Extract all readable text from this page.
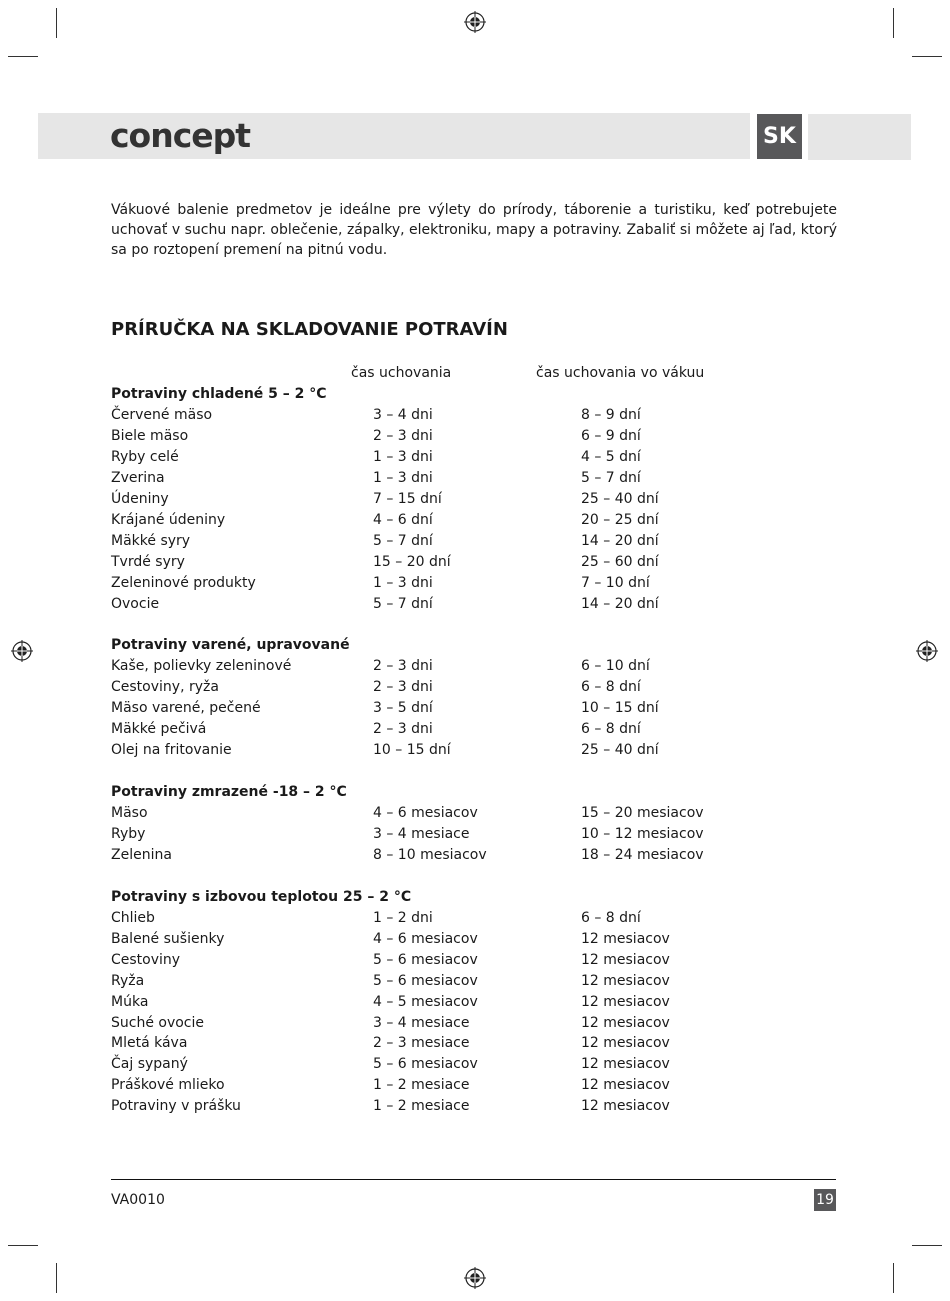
concept	SK
Vákuové balenie predmetov je ideálne pre výlety do prírody, táborenie a turistiku, keď potrebujete uchovať v suchu napr. oblečenie, zápalky, elektroniku, mapy a potraviny. Zabaliť si môžete aj ľad, ktorý sa po roztopení premení na pitnú vodu.
PRÍRUČKA NA SKLADOVANIE POTRAVÍN
čas uchovania	čas uchovania vo vákuu
Potraviny chladené 5 – 2 °C
Červené mäso	3 – 4 dni	8 – 9 dní
Biele mäso	2 – 3 dni	6 – 9 dní
Ryby celé	1 – 3 dni	4 – 5 dní
Zverina	1 – 3 dni	5 – 7 dní
Údeniny	7 – 15 dní	25 – 40 dní
Krájané údeniny	4 – 6 dní	20 – 25 dní
Mäkké syry	5 – 7 dní	14 – 20 dní
Tvrdé syry	15 – 20 dní	25 – 60 dní
Zeleninové produkty	1 – 3 dni	7 – 10 dní
Ovocie	5 – 7 dní	14 – 20 dní
Potraviny varené, upravované
Kaše, polievky zeleninové	2 – 3 dni	6 – 10 dní
Cestoviny, ryža	2 – 3 dni	6 – 8 dní
Mäso varené, pečené	3 – 5 dní	10 – 15 dní
Mäkké pečivá	2 – 3 dni	6 – 8 dní
Olej na fritovanie	10 – 15 dní	25 – 40 dní
Potraviny zmrazené -18 – 2 °C
Mäso	4 – 6 mesiacov	15 – 20 mesiacov
Ryby	3 – 4 mesiace	10 – 12 mesiacov
Zelenina	8 – 10 mesiacov	18 – 24 mesiacov
Potraviny s izbovou teplotou 25 – 2 °C
Chlieb	1 – 2 dni	6 – 8 dní
Balené sušienky	4 – 6 mesiacov	12 mesiacov
Cestoviny	5 – 6 mesiacov	12 mesiacov
Ryža	5 – 6 mesiacov	12 mesiacov
Múka	4 – 5 mesiacov	12 mesiacov
Suché ovocie	3 – 4 mesiace	12 mesiacov
Mletá káva	2 – 3 mesiace	12 mesiacov
Čaj sypaný	5 – 6 mesiacov	12 mesiacov
Práškové mlieko	1 – 2 mesiace	12 mesiacov
Potraviny v prášku	1 – 2 mesiace	12 mesiacov
VA0010	19
